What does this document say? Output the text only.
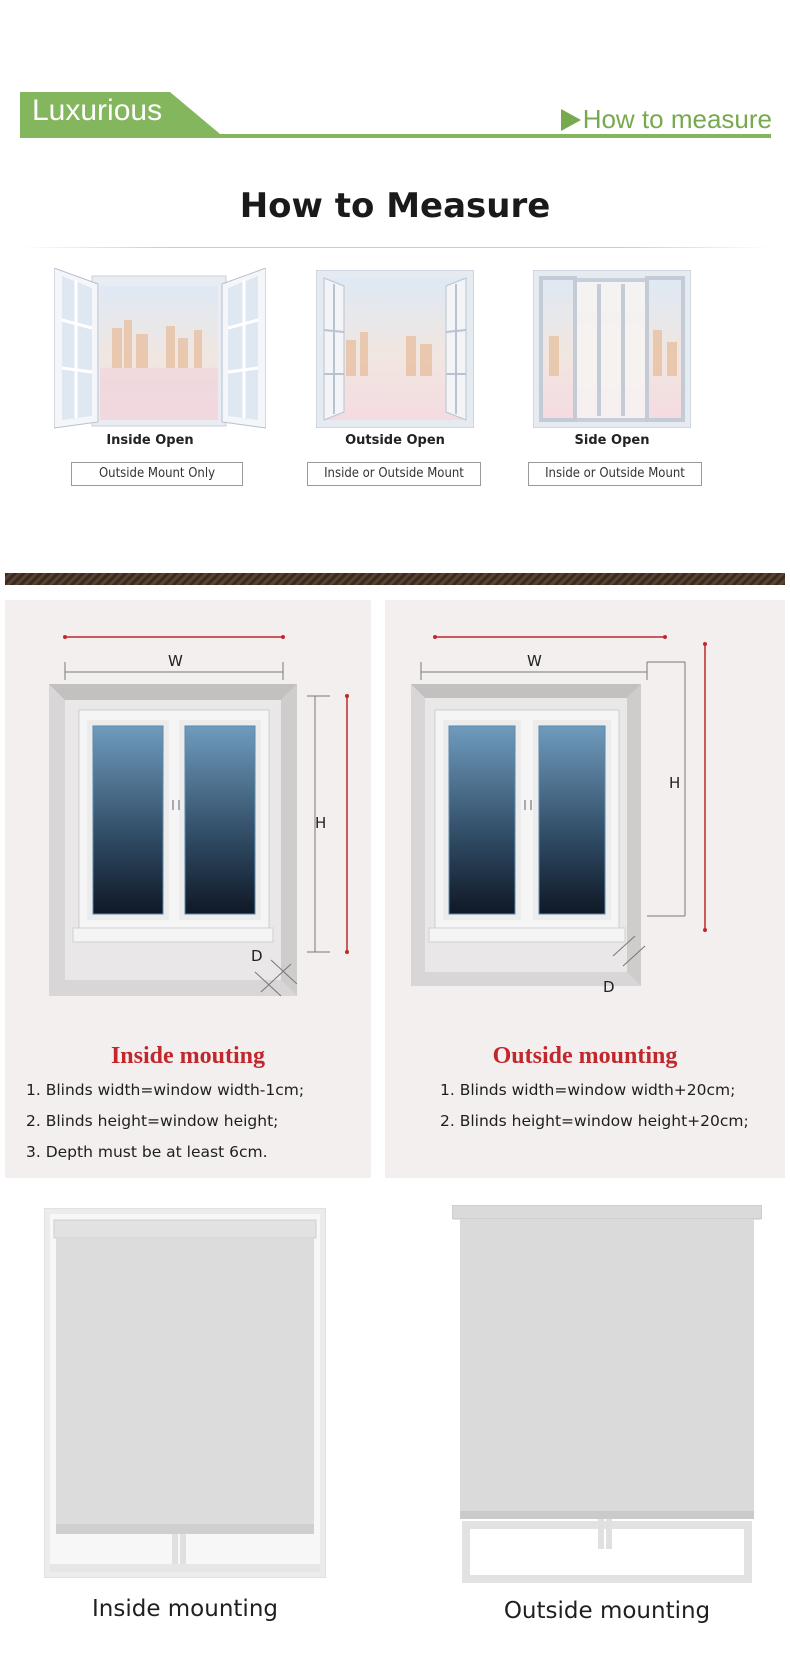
Luxurious	How to measure
How to Measure
Inside Open
Outside Mount Only
Outside Open
Inside or Outside Mount
Side Open
Inside or Outside Mount
W
H
D
Inside mouting
1. Blinds width=window width-1cm;
2. Blinds height=window height;
3. Depth must be at least 6cm.
W
H
D
Outside mounting
1. Blinds width=window width+20cm;
2. Blinds height=window height+20cm;
Inside mounting	Outside mounting
